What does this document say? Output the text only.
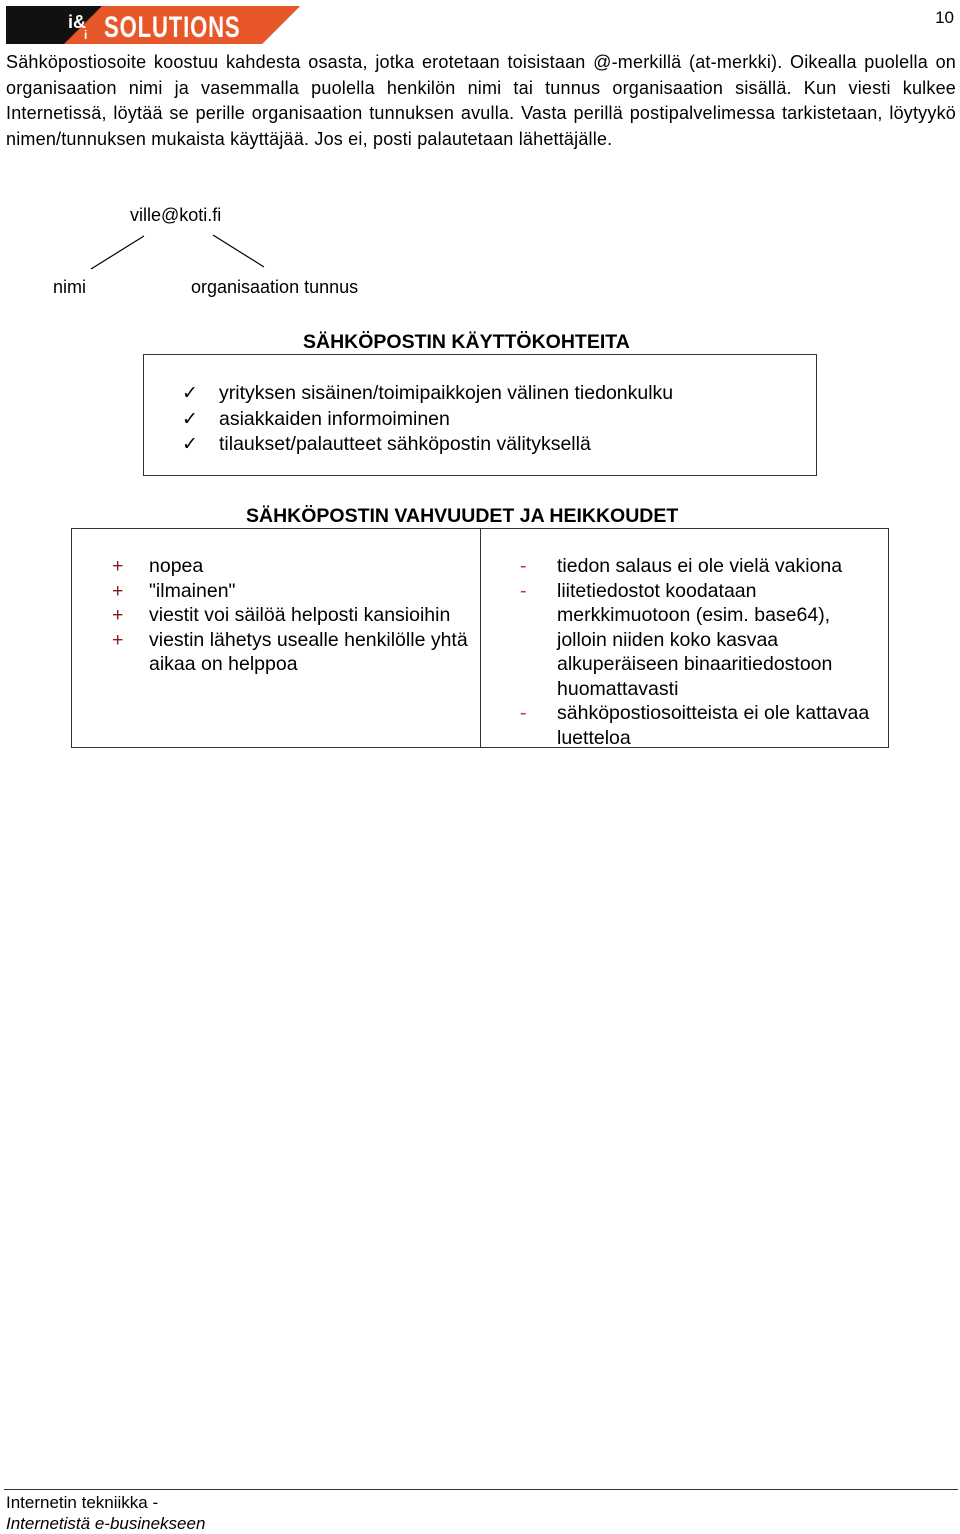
i&
i SOLUTIONS	10

Sähköpostiosoite koostuu kahdesta osasta, jotka erotetaan toisistaan @-merkillä (at-merkki). Oikealla puolella on organisaation nimi ja vasemmalla puolella henkilön nimi tai tunnus organisaation sisällä. Kun viesti kulkee Internetissä, löytää se perille organisaation tunnuksen avulla. Vasta perillä postipalvelimessa tarkistetaan, löytyykö nimen/tunnuksen mukaista käyttäjää. Jos ei, posti palautetaan lähettäjälle.

ville@koti.fi
nimi	organisaation tunnus
SÄHKÖPOSTIN KÄYTTÖKOHTEITA
✓	yrityksen sisäinen/toimipaikkojen välinen tiedonkulku
✓	asiakkaiden informoiminen
✓	tilaukset/palautteet sähköpostin välityksellä
SÄHKÖPOSTIN VAHVUUDET JA HEIKKOUDET
+	nopea
+	"ilmainen"
+	viestit voi säilöä helposti kansioihin
+	viestin lähetys usealle henkilölle yhtä aikaa on helppoa
-	tiedon salaus ei ole vielä vakiona
-	liitetiedostot koodataan merkkimuotoon (esim. base64), jolloin niiden koko kasvaa alkuperäiseen binaaritiedostoon huomattavasti
-	sähköpostiosoitteista ei ole kattavaa luetteloa
Internetin tekniikka -
Internetistä e-businekseen
